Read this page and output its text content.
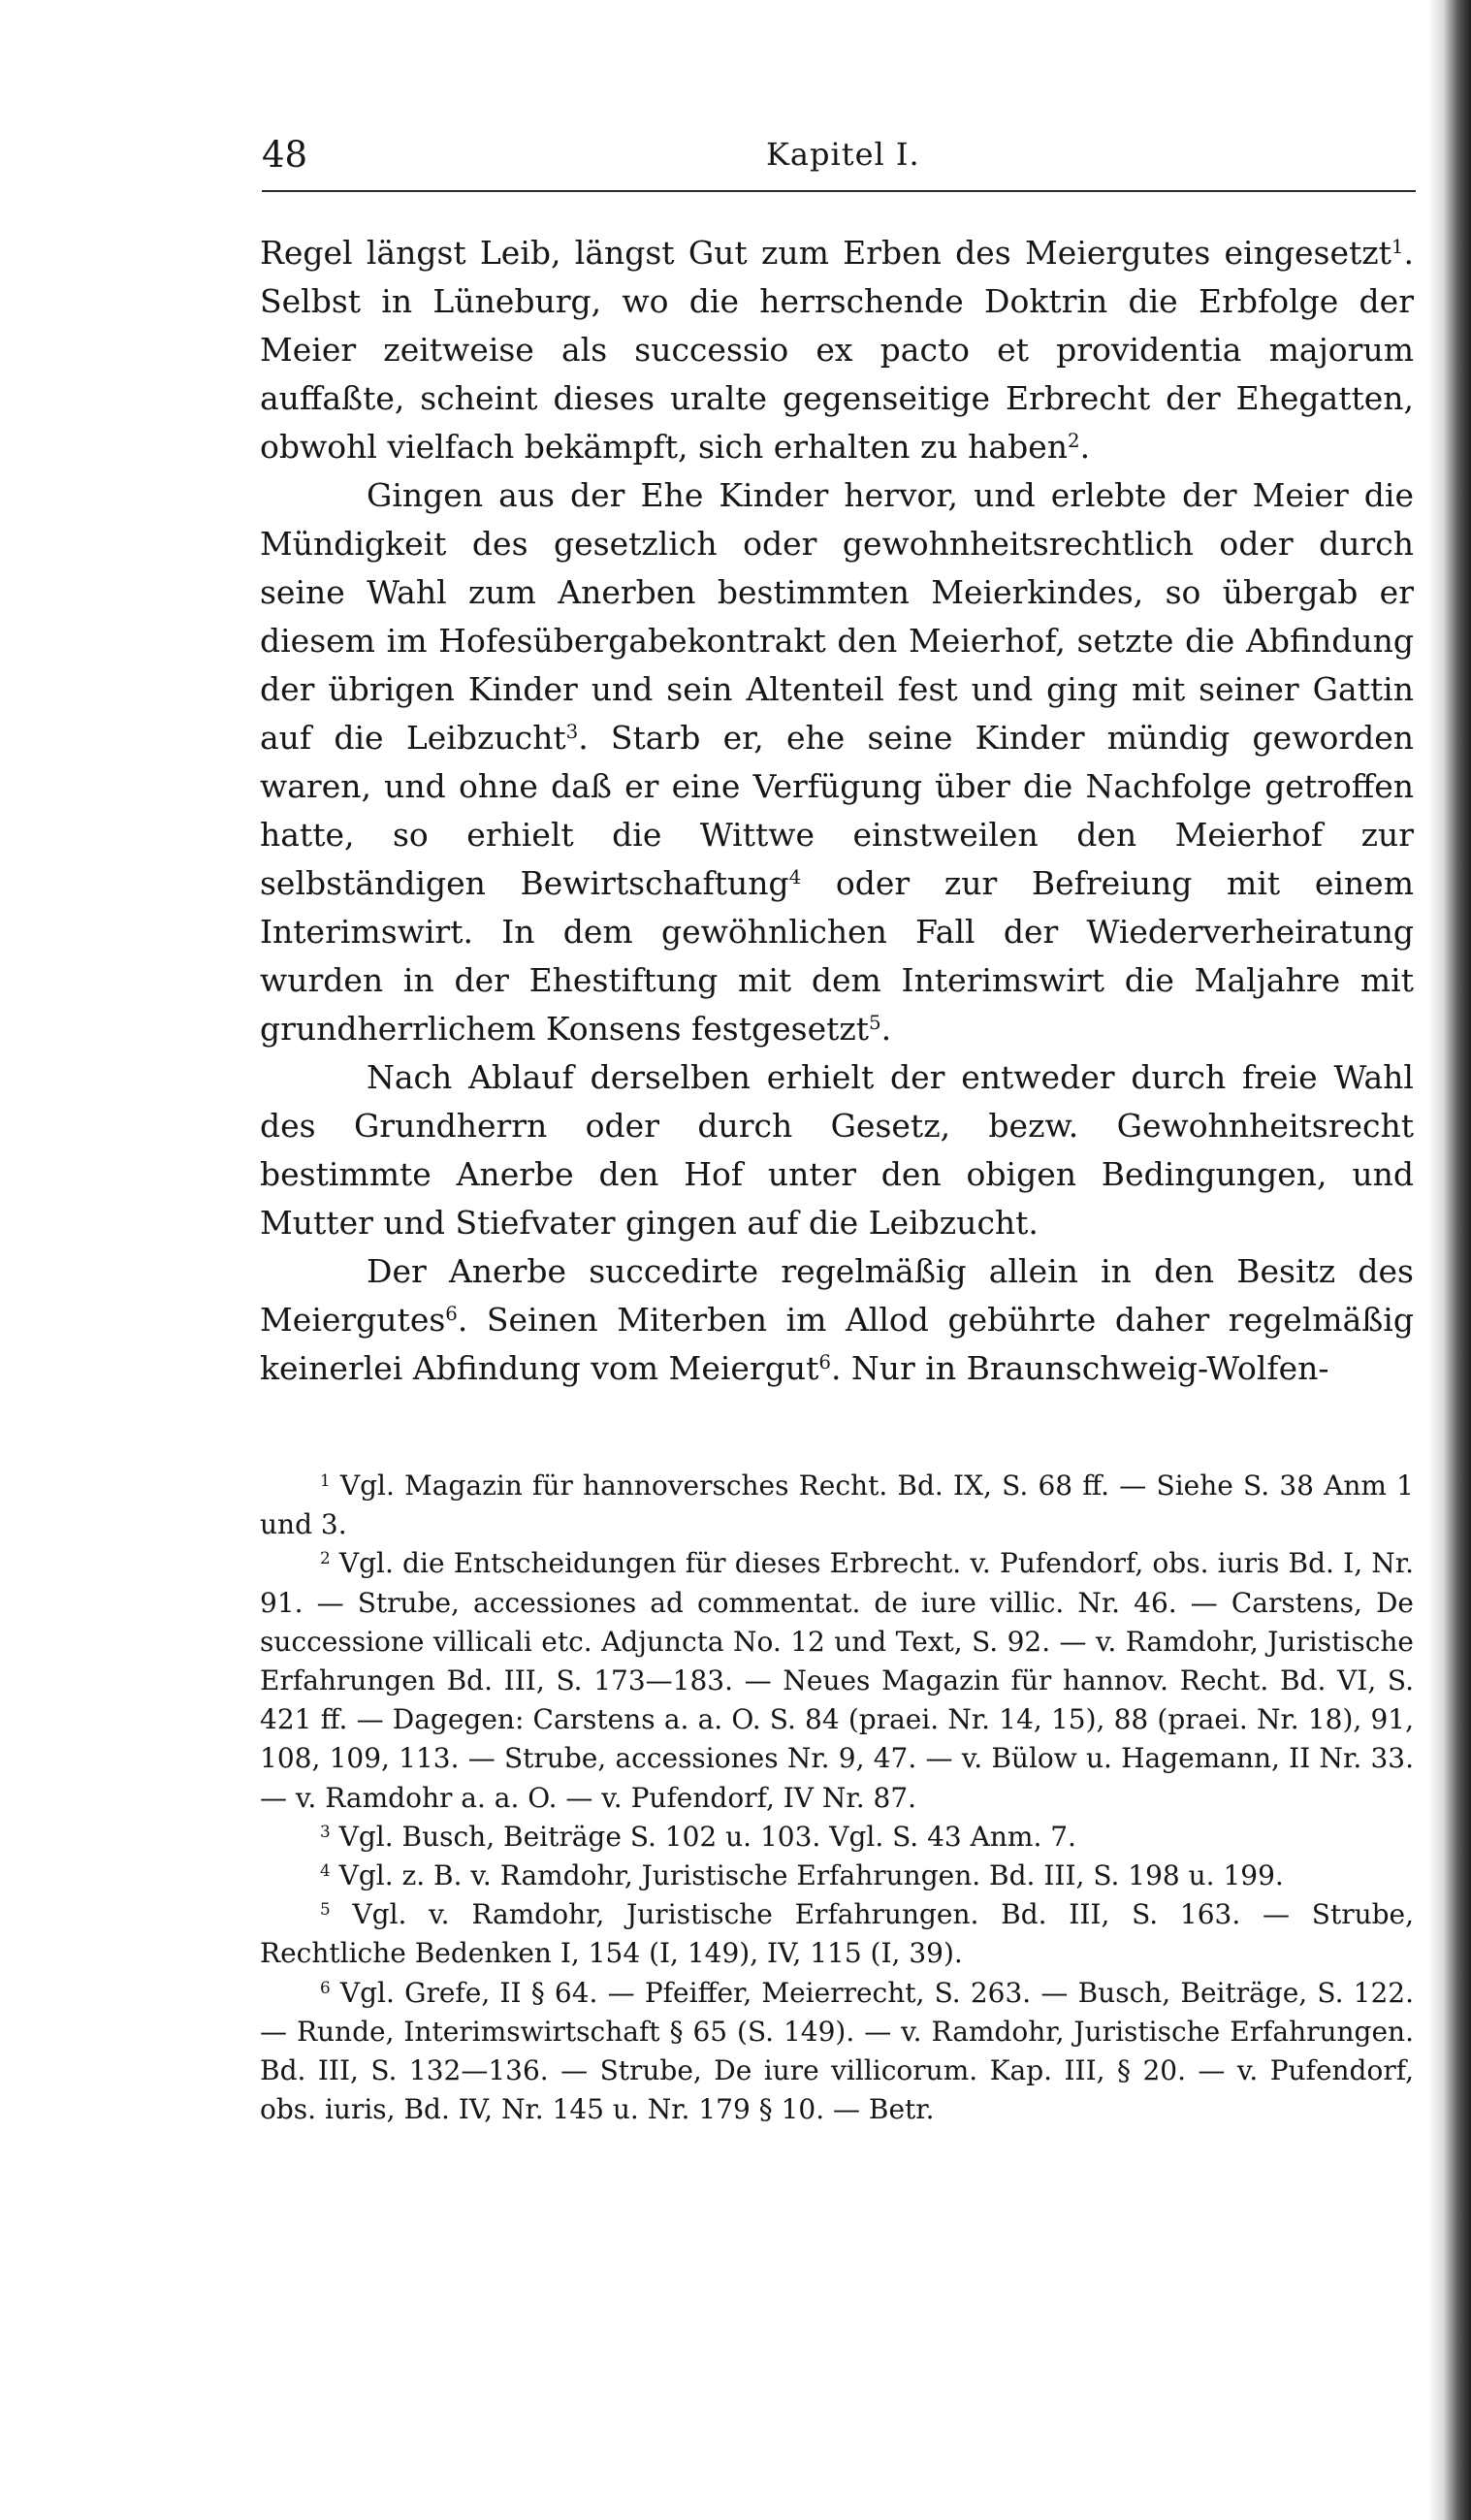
48	Kapitel I.

Regel längst Leib, längst Gut zum Erben des Meiergutes eingesetzt$^1$. Selbst in Lüneburg, wo die herrschende Doktrin die Erbfolge der Meier zeitweise als successio ex pacto et providentia majorum auffaßte, scheint dieses uralte gegenseitige Erbrecht der Ehegatten, obwohl vielfach bekämpft, sich erhalten zu haben$^2$.

Gingen aus der Ehe Kinder hervor, und erlebte der Meier die Mündigkeit des gesetzlich oder gewohnheitsrechtlich oder durch seine Wahl zum Anerben bestimmten Meierkindes, so übergab er diesem im Hofesübergabekontrakt den Meierhof, setzte die Abfindung der übrigen Kinder und sein Altenteil fest und ging mit seiner Gattin auf die Leibzucht$^3$. Starb er, ehe seine Kinder mündig geworden waren, und ohne daß er eine Verfügung über die Nachfolge getroffen hatte, so erhielt die Wittwe einstweilen den Meierhof zur selbständigen Bewirtschaftung$^4$ oder zur Befreiung mit einem Interimswirt. In dem gewöhnlichen Fall der Wiederverheiratung wurden in der Ehestiftung mit dem Interimswirt die Maljahre mit grundherrlichem Konsens festgesetzt$^5$.

Nach Ablauf derselben erhielt der entweder durch freie Wahl des Grundherrn oder durch Gesetz, bezw. Gewohnheitsrecht bestimmte Anerbe den Hof unter den obigen Bedingungen, und Mutter und Stiefvater gingen auf die Leibzucht.

Der Anerbe succedirte regelmäßig allein in den Besitz des Meiergutes$^6$. Seinen Miterben im Allod gebührte daher regelmäßig keinerlei Abfindung vom Meiergut$^6$. Nur in Braunschweig-Wolfen-

$^1$ Vgl. Magazin für hannoversches Recht. Bd. IX, S. 68 ff. — Siehe S. 38 Anm 1 und 3.

$^2$ Vgl. die Entscheidungen für dieses Erbrecht. v. Pufendorf, obs. iuris Bd. I, Nr. 91. — Strube, accessiones ad commentat. de iure villic. Nr. 46. — Carstens, De successione villicali etc. Adjuncta No. 12 und Text, S. 92. — v. Ramdohr, Juristische Erfahrungen Bd. III, S. 173—183. — Neues Magazin für hannov. Recht. Bd. VI, S. 421 ff. — Dagegen: Carstens a. a. O. S. 84 (praei. Nr. 14, 15), 88 (praei. Nr. 18), 91, 108, 109, 113. — Strube, accessiones Nr. 9, 47. — v. Bülow u. Hagemann, II Nr. 33. — v. Ramdohr a. a. O. — v. Pufendorf, IV Nr. 87.

$^3$ Vgl. Busch, Beiträge S. 102 u. 103. Vgl. S. 43 Anm. 7.

$^4$ Vgl. z. B. v. Ramdohr, Juristische Erfahrungen. Bd. III, S. 198 u. 199.

$^5$ Vgl. v. Ramdohr, Juristische Erfahrungen. Bd. III, S. 163. — Strube, Rechtliche Bedenken I, 154 (I, 149), IV, 115 (I, 39).

$^6$ Vgl. Grefe, II § 64. — Pfeiffer, Meierrecht, S. 263. — Busch, Beiträge, S. 122. — Runde, Interimswirtschaft § 65 (S. 149). — v. Ramdohr, Juristische Erfahrungen. Bd. III, S. 132—136. — Strube, De iure villicorum. Kap. III, § 20. — v. Pufendorf, obs. iuris, Bd. IV, Nr. 145 u. Nr. 179 § 10. — Betr.
